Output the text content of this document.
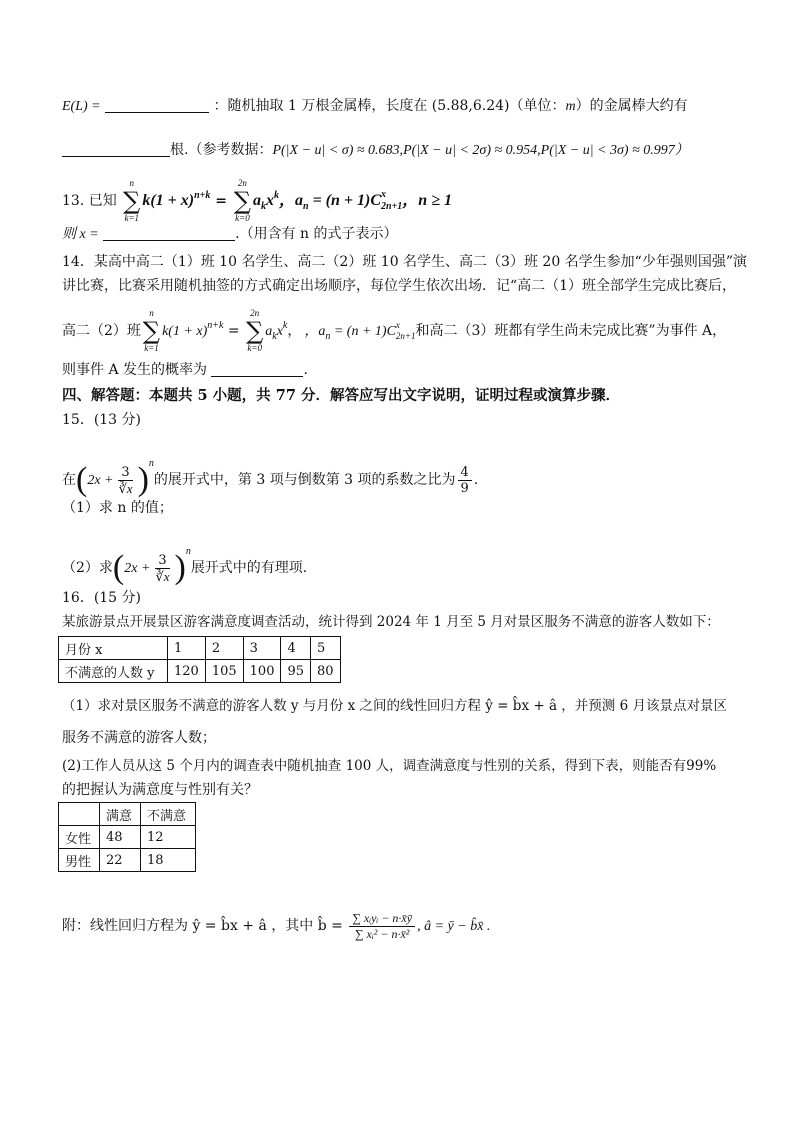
E(L) =	：随机抽取 1 万根金属棒，长度在 (5.88,6.24)（单位：m）的金属棒大约有
根.（参考数据：P(|X − u| < σ) ≈ 0.683,P(|X − u| < 2σ) ≈ 0.954,P(|X − u| < 3σ) ≈ 0.997）
13. 已知
n
∑
k=1
$k(1 + x)^{n+k}$ =
2n
∑
k=0
$a_kx^k$，$a_n = (n + 1)C$ x
2n+1 ，n ≥ 1
则 x =	.（用含有 n 的式子表示）
14．某高中高二（1）班 10 名学生、高二（2）班 10 名学生、高二（3）班 20 名学生参加“少年强则国强”演
讲比赛，比赛采用随机抽签的方式确定出场顺序，每位学生依次出场．记“高二（1）班全部学生完成比赛后，
高二（2）班
n
∑
k=1
$k(1 + x)^{n+k}$ =
2n
∑
k=0
$a_kx^k$， ，$a_n = (n + 1)C$ x
2n+1 和高二（3）班都有学生尚未完成比赛”为事件 A，
则事件 A 发生的概率为	.
四、解答题：本题共 5 小题，共 77 分．解答应写出文字说明，证明过程或演算步骤．
15．(13 分)
在$(2x + \frac{3}{∛x} )^n$的展开式中，第 3 项与倒数第 3 项的系数之比为 $\frac{4}{9}$ .
（1）求 n 的值；
（2）求$(2x + \frac{3}{∛x} )^n$展开式中的有理项.
16．(15 分)
某旅游景点开展景区游客满意度调查活动，统计得到 2024 年 1 月至 5 月对景区服务不满意的游客人数如下：
月份 x	1	2	3	4	5
不满意的人数 y	120	105	100	95	80
（1）求对景区服务不满意的游客人数 y 与月份 x 之间的线性回归方程 ŷ = b̂x + â ，并预测 6 月该景点对景区
服务不满意的游客人数；
(2)工作人员从这 5 个月内的调查表中随机抽查 100 人，调查满意度与性别的关系，得到下表，则能否有99%
的把握认为满意度与性别有关？
	满意	不满意
女性	48	12
男性	22	18
附：线性回归方程为 ŷ = b̂x + â ，其中 b̂ = $\frac{\text{∑ xᵢyᵢ − n·x̄ȳ}}{\text{∑ xᵢ² − n·x̄²}}$ , â = ȳ − b̂x̄ .
